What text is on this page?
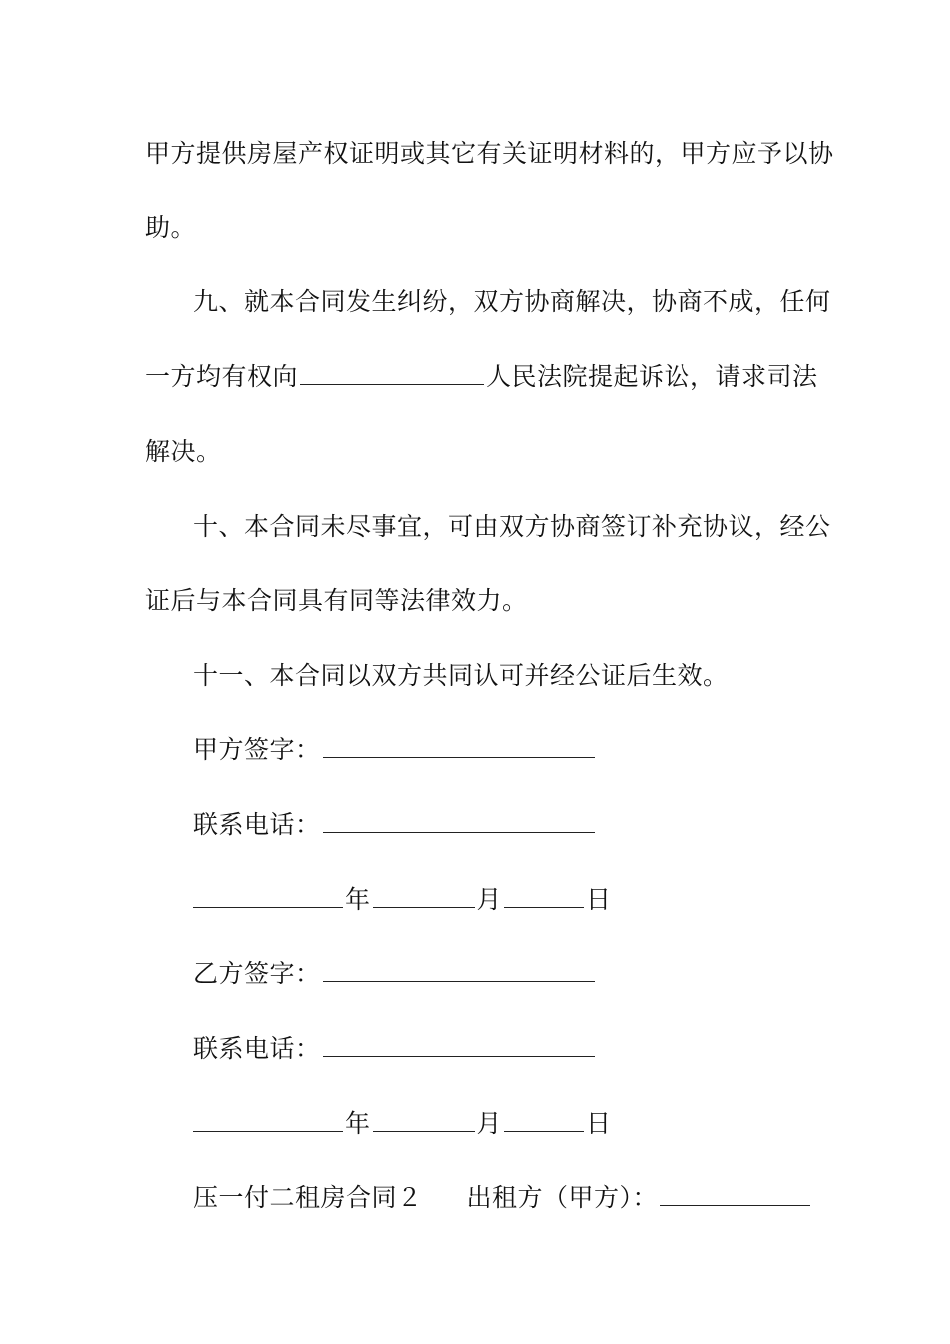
甲方提供房屋产权证明或其它有关证明材料的，甲方应予以协
助。
九、就本合同发生纠纷，双方协商解决，协商不成，任何
一方均有权向	人民法院提起诉讼，请求司法
解决。
十、本合同未尽事宜，可由双方协商签订补充协议，经公
证后与本合同具有同等法律效力。
十一、本合同以双方共同认可并经公证后生效。
甲方签字：
联系电话：
年	月	日
乙方签字：
联系电话：
年	月	日
压一付二租房合同２ 出租方（甲方）：
